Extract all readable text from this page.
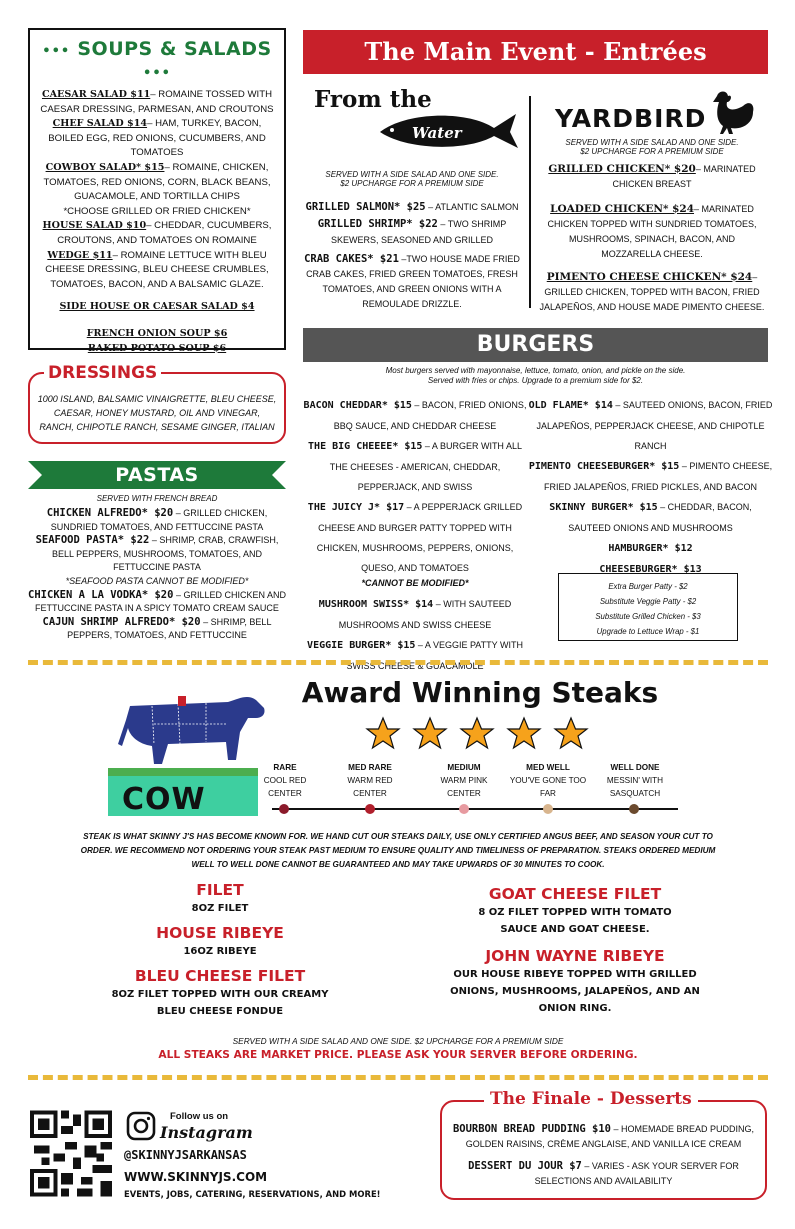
••• SOUPS & SALADS •••
CAESAR SALAD $11– ROMAINE TOSSED WITH CAESAR DRESSING, PARMESAN, AND CROUTONS
CHEF SALAD $14– HAM, TURKEY, BACON, BOILED EGG, RED ONIONS, CUCUMBERS, AND TOMATOES
COWBOY SALAD* $15– ROMAINE, CHICKEN, TOMATOES, RED ONIONS, CORN, BLACK BEANS, GUACAMOLE, AND TORTILLA CHIPS
*CHOOSE GRILLED OR FRIED CHICKEN*
HOUSE SALAD $10– CHEDDAR, CUCUMBERS, CROUTONS, AND TOMATOES ON ROMAINE
WEDGE $11– ROMAINE LETTUCE WITH BLEU CHEESE DRESSING, BLEU CHEESE CRUMBLES, TOMATOES, BACON, AND A BALSAMIC GLAZE.
SIDE HOUSE OR CAESAR SALAD $4
FRENCH ONION SOUP $6
BAKED POTATO SOUP $6
DRESSINGS
1000 ISLAND, BALSAMIC VINAIGRETTE, BLEU CHEESE, CAESAR, HONEY MUSTARD, OIL AND VINEGAR, RANCH, CHIPOTLE RANCH, SESAME GINGER, ITALIAN
PASTAS
SERVED WITH FRENCH BREAD
CHICKEN ALFREDO* $20 – GRILLED CHICKEN, SUNDRIED TOMATOES, AND FETTUCCINE PASTA
SEAFOOD PASTA* $22 – SHRIMP, CRAB, CRAWFISH, BELL PEPPERS, MUSHROOMS, TOMATOES, AND FETTUCCINE PASTA
*SEAFOOD PASTA CANNOT BE MODIFIED*
CHICKEN A LA VODKA* $20 – GRILLED CHICKEN AND FETTUCCINE PASTA IN A SPICY TOMATO CREAM SAUCE
CAJUN SHRIMP ALFREDO* $20 – SHRIMP, BELL PEPPERS, TOMATOES, AND FETTUCCINE
The Main Event - Entrées
From the
Water	YARDBIRD
SERVED WITH A SIDE SALAD AND ONE SIDE.
$2 UPCHARGE FOR A PREMIUM SIDE
GRILLED SALMON* $25 – ATLANTIC SALMON
GRILLED SHRIMP* $22 – TWO SHRIMP SKEWERS, SEASONED AND GRILLED
CRAB CAKES* $21 –TWO HOUSE MADE FRIED CRAB CAKES, FRIED GREEN TOMATOES, FRESH TOMATOES, AND GREEN ONIONS WITH A REMOULADE DRIZZLE.
SERVED WITH A SIDE SALAD AND ONE SIDE.
$2 UPCHARGE FOR A PREMIUM SIDE
GRILLED CHICKEN* $20– MARINATED CHICKEN BREAST
LOADED CHICKEN* $24– MARINATED CHICKEN TOPPED WITH SUNDRIED TOMATOES, MUSHROOMS, SPINACH, BACON, AND MOZZARELLA CHEESE.
PIMENTO CHEESE CHICKEN* $24– GRILLED CHICKEN, TOPPED WITH BACON, FRIED JALAPEÑOS, AND HOUSE MADE PIMENTO CHEESE.
BURGERS
Most burgers served with mayonnaise, lettuce, tomato, onion, and pickle on the side.
Served with fries or chips. Upgrade to a premium side for $2.
BACON CHEDDAR* $15 – BACON, FRIED ONIONS, BBQ SAUCE, AND CHEDDAR CHEESE
THE BIG CHEEEE* $15 – A BURGER WITH ALL THE CHEESES - AMERICAN, CHEDDAR, PEPPERJACK, AND SWISS
THE JUICY J* $17 – A PEPPERJACK GRILLED CHEESE AND BURGER PATTY TOPPED WITH CHICKEN, MUSHROOMS, PEPPERS, ONIONS, QUESO, AND TOMATOES
*CANNOT BE MODIFIED*
MUSHROOM SWISS* $14 – WITH SAUTEED MUSHROOMS AND SWISS CHEESE
VEGGIE BURGER* $15 – A VEGGIE PATTY WITH SWISS CHEESE & GUACAMOLE
OLD FLAME* $14 – SAUTEED ONIONS, BACON, FRIED JALAPEÑOS, PEPPERJACK CHEESE, AND CHIPOTLE RANCH
PIMENTO CHEESEBURGER* $15 – PIMENTO CHEESE, FRIED JALAPEÑOS, FRIED PICKLES, AND BACON
SKINNY BURGER* $15 – CHEDDAR, BACON, SAUTEED ONIONS AND MUSHROOMS
HAMBURGER* $12
CHEESEBURGER* $13
Extra Burger Patty - $2
Substitute Veggie Patty - $2
Substitute Grilled Chicken - $3
Upgrade to Lettuce Wrap - $1
COW
Award Winning Steaks
RARE
COOL RED CENTER
MED RARE
WARM RED CENTER
MEDIUM
WARM PINK CENTER
MED WELL
YOU'VE GONE TOO FAR
WELL DONE
MESSIN' WITH SASQUATCH
STEAK IS WHAT SKINNY J'S HAS BECOME KNOWN FOR. WE HAND CUT OUR STEAKS DAILY, USE ONLY CERTIFIED ANGUS BEEF, AND SEASON YOUR CUT TO ORDER. WE RECOMMEND NOT ORDERING YOUR STEAK PAST MEDIUM TO ENSURE QUALITY AND TIMELINESS OF PREPARATION. STEAKS ORDERED MEDIUM WELL TO WELL DONE CANNOT BE GUARANTEED AND MAY TAKE UPWARDS OF 30 MINUTES TO COOK.
FILET
8OZ FILET
HOUSE RIBEYE
16OZ RIBEYE
BLEU CHEESE FILET
8OZ FILET TOPPED WITH OUR CREAMY BLEU CHEESE FONDUE
GOAT CHEESE FILET
8 OZ FILET TOPPED WITH TOMATO SAUCE AND GOAT CHEESE.
JOHN WAYNE RIBEYE
OUR HOUSE RIBEYE TOPPED WITH GRILLED ONIONS, MUSHROOMS, JALAPEÑOS, AND AN ONION RING.
SERVED WITH A SIDE SALAD AND ONE SIDE. $2 UPCHARGE FOR A PREMIUM SIDE
ALL STEAKS ARE MARKET PRICE. PLEASE ASK YOUR SERVER BEFORE ORDERING.
Follow us on
Instagram
@SKINNYJSARKANSAS
WWW.SKINNYJS.COM
EVENTS, JOBS, CATERING, RESERVATIONS, AND MORE!
The Finale - Desserts
BOURBON BREAD PUDDING $10 – HOMEMADE BREAD PUDDING, GOLDEN RAISINS, CRÈME ANGLAISE, AND VANILLA ICE CREAM
DESSERT DU JOUR $7 – VARIES - ASK YOUR SERVER FOR SELECTIONS AND AVAILABILITY
